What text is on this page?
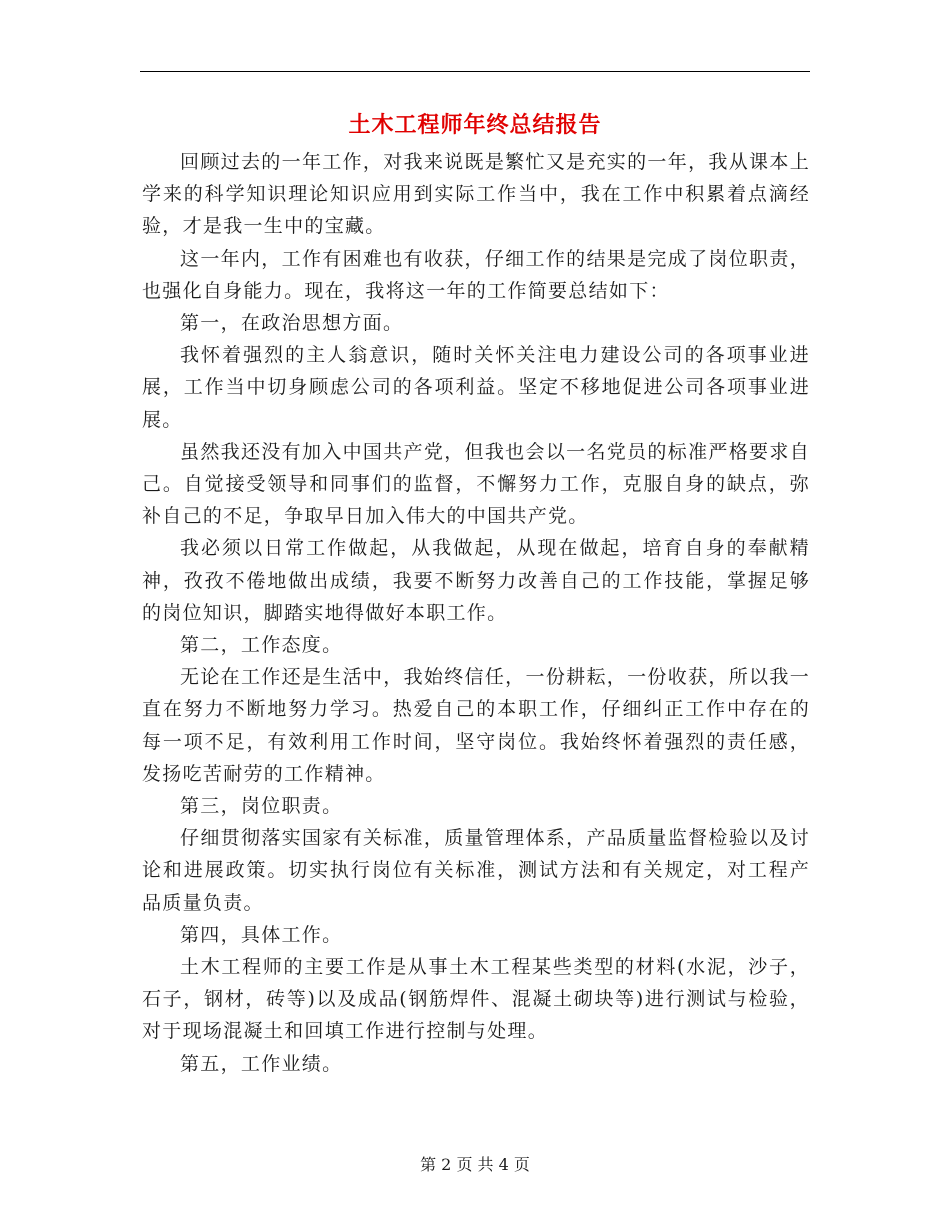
土木工程师年终总结报告

回顾过去的一年工作，对我来说既是繁忙又是充实的一年，我从课本上学来的科学知识理论知识应用到实际工作当中，我在工作中积累着点滴经验，才是我一生中的宝藏。

这一年内，工作有困难也有收获，仔细工作的结果是完成了岗位职责，也强化自身能力。现在，我将这一年的工作简要总结如下：

第一，在政治思想方面。

我怀着强烈的主人翁意识，随时关怀关注电力建设公司的各项事业进展，工作当中切身顾虑公司的各项利益。坚定不移地促进公司各项事业进展。

虽然我还没有加入中国共产党，但我也会以一名党员的标准严格要求自己。自觉接受领导和同事们的监督，不懈努力工作，克服自身的缺点，弥补自己的不足，争取早日加入伟大的中国共产党。

我必须以日常工作做起，从我做起，从现在做起，培育自身的奉献精神，孜孜不倦地做出成绩，我要不断努力改善自己的工作技能，掌握足够的岗位知识，脚踏实地得做好本职工作。

第二，工作态度。

无论在工作还是生活中，我始终信任，一份耕耘，一份收获，所以我一直在努力不断地努力学习。热爱自己的本职工作，仔细纠正工作中存在的每一项不足，有效利用工作时间，坚守岗位。我始终怀着强烈的责任感，发扬吃苦耐劳的工作精神。

第三，岗位职责。

仔细贯彻落实国家有关标准，质量管理体系，产品质量监督检验以及讨论和进展政策。切实执行岗位有关标准，测试方法和有关规定，对工程产品质量负责。

第四，具体工作。

土木工程师的主要工作是从事土木工程某些类型的材料(水泥，沙子，石子，钢材，砖等)以及成品(钢筋焊件、混凝土砌块等)进行测试与检验，对于现场混凝土和回填工作进行控制与处理。

第五，工作业绩。

第 2 页 共 4 页
